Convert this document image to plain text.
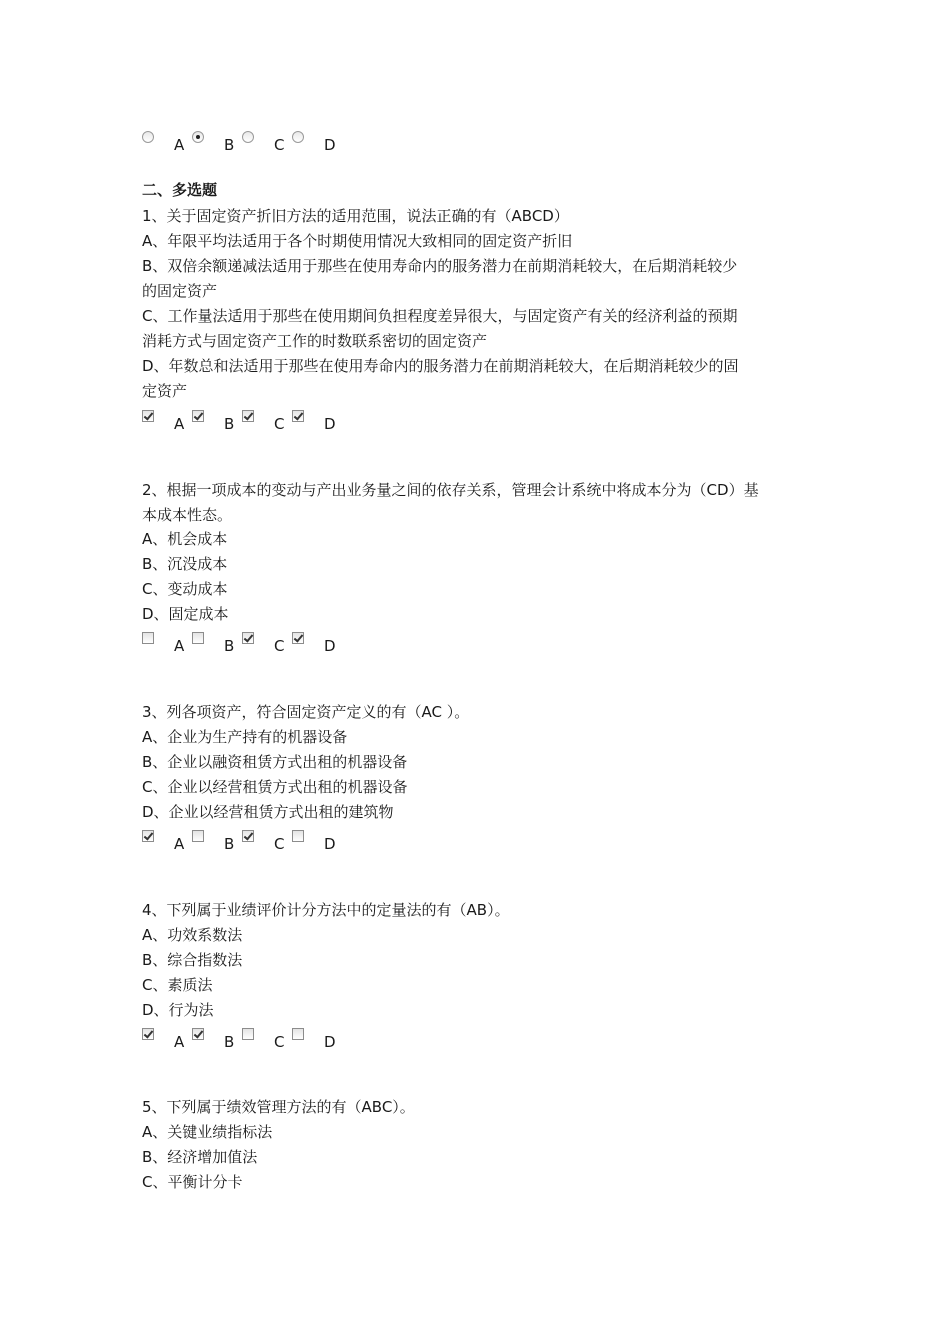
A	B	C	D
二、多选题
1、关于固定资产折旧方法的适用范围，说法正确的有（ABCD）
A、年限平均法适用于各个时期使用情况大致相同的固定资产折旧
B、双倍余额递减法适用于那些在使用寿命内的服务潜力在前期消耗较大，在后期消耗较少
的固定资产
C、工作量法适用于那些在使用期间负担程度差异很大，与固定资产有关的经济利益的预期
消耗方式与固定资产工作的时数联系密切的固定资产
D、年数总和法适用于那些在使用寿命内的服务潜力在前期消耗较大，在后期消耗较少的固
定资产
A	B	C	D
2、根据一项成本的变动与产出业务量之间的依存关系，管理会计系统中将成本分为（CD）基
本成本性态。
A、机会成本
B、沉没成本
C、变动成本
D、固定成本
A	B	C	D
3、列各项资产，符合固定资产定义的有（AC ）。
A、企业为生产持有的机器设备
B、企业以融资租赁方式出租的机器设备
C、企业以经营租赁方式出租的机器设备
D、企业以经营租赁方式出租的建筑物
A	B	C	D
4、下列属于业绩评价计分方法中的定量法的有（AB）。
A、功效系数法
B、综合指数法
C、素质法
D、行为法
A	B	C	D
5、下列属于绩效管理方法的有（ABC）。
A、关键业绩指标法
B、经济增加值法
C、平衡计分卡
